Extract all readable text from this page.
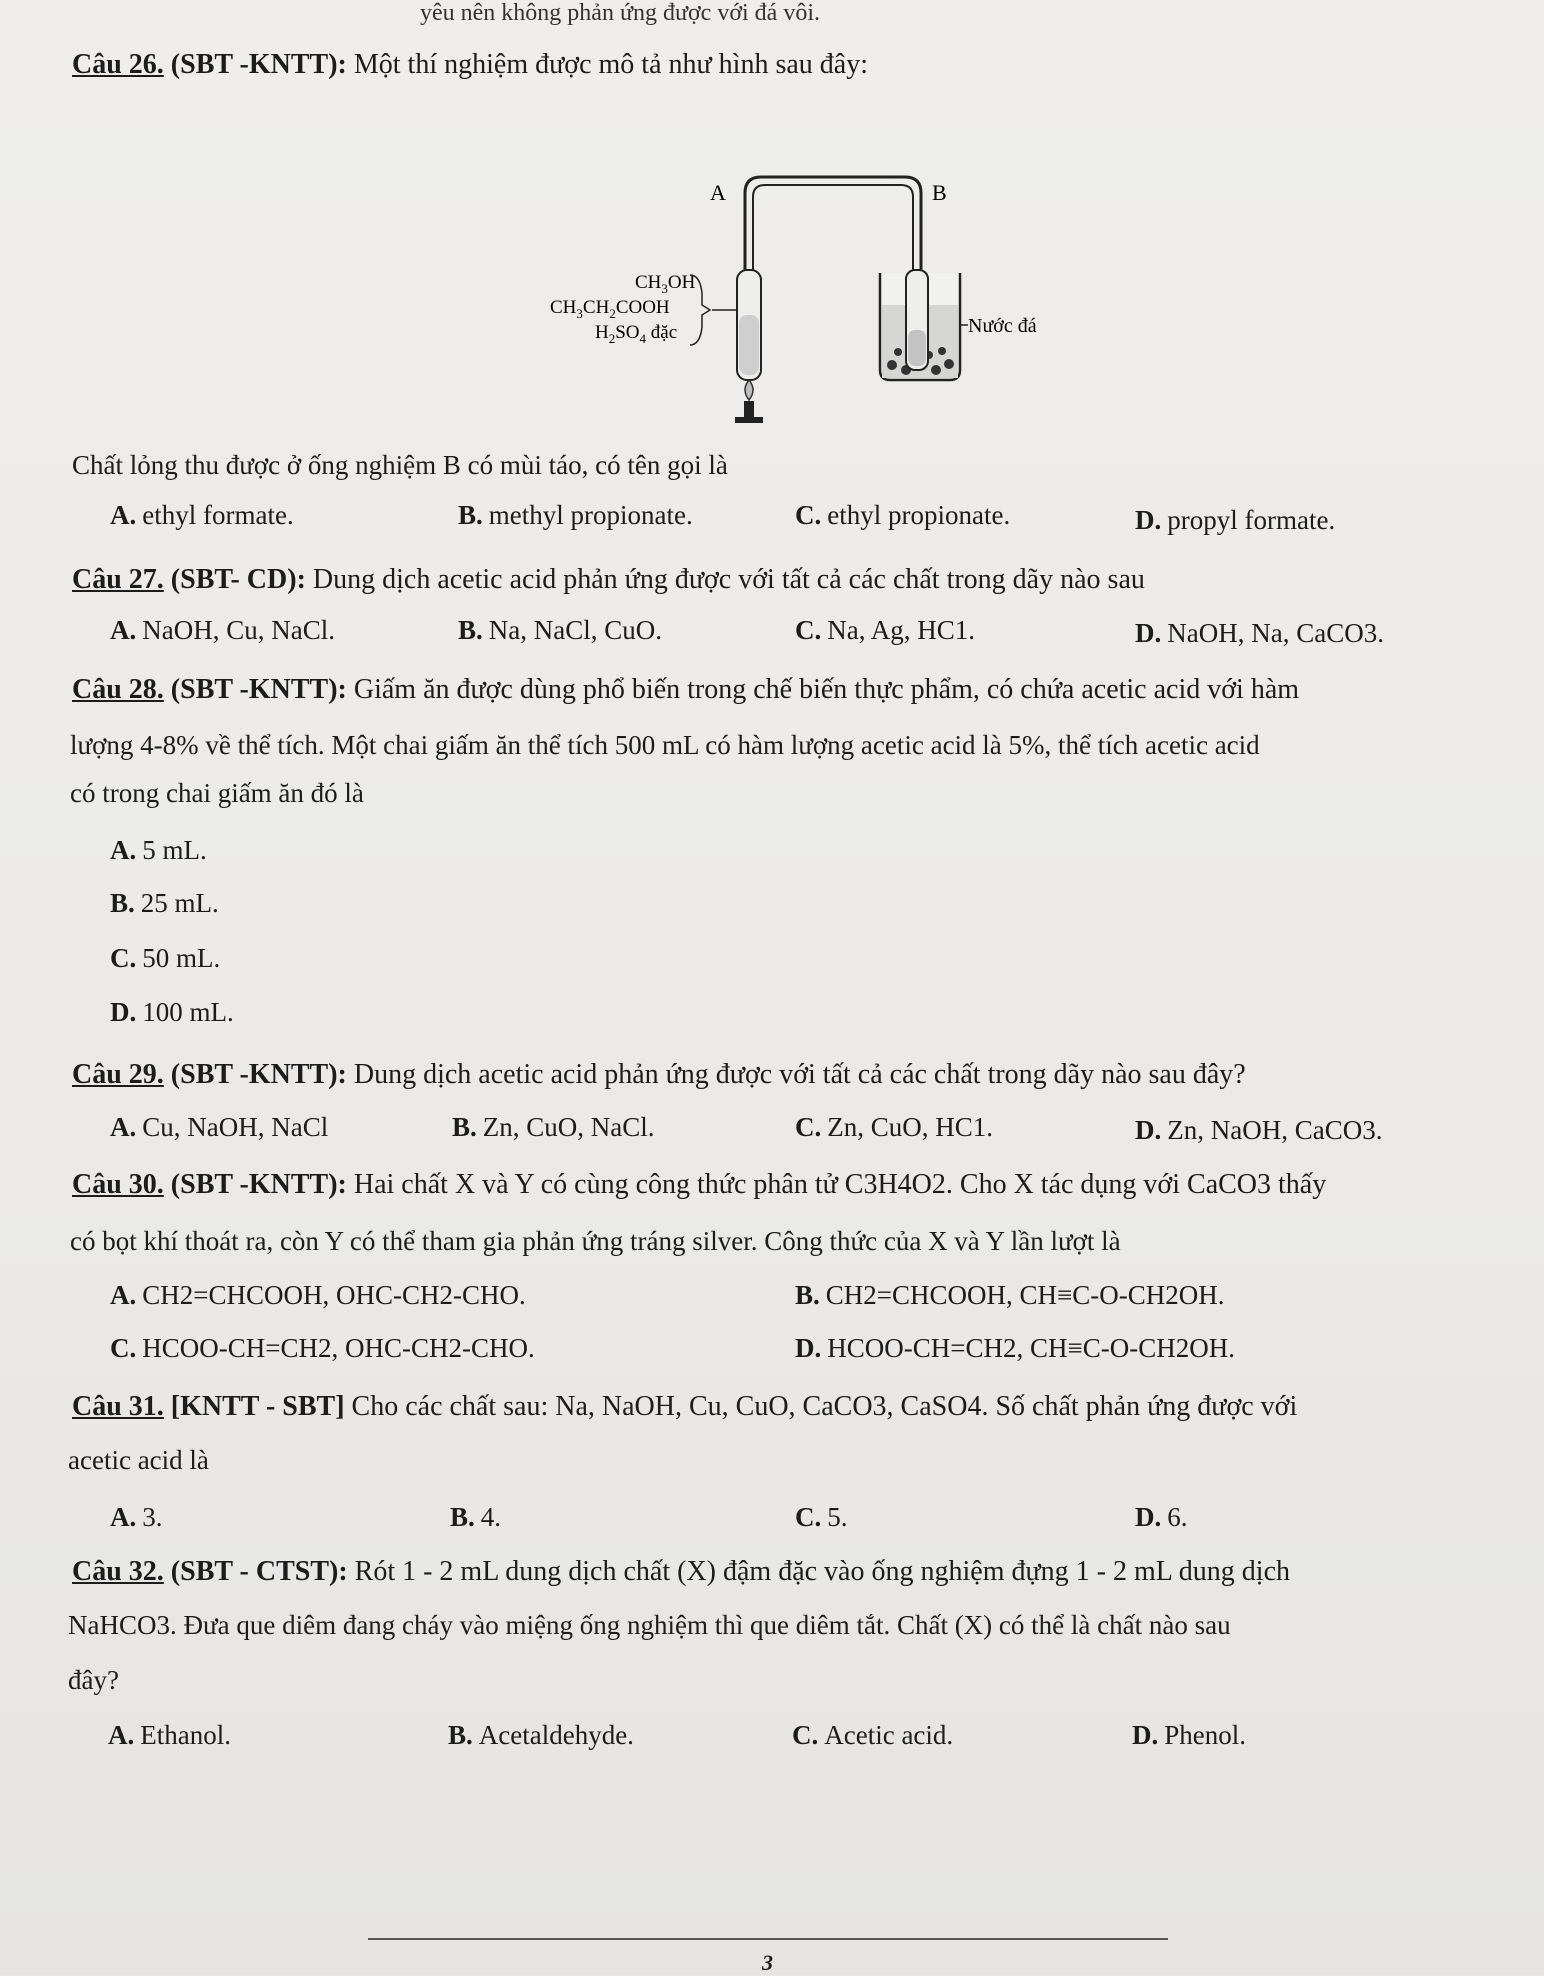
yêu nên không phản ứng được với đá vôi.
Câu 26. (SBT -KNTT): Một thí nghiệm được mô tả như hình sau đây:
A	B
$CH_3OH$
$CH_3CH_2COOH$
$H_2SO_4$ đặc	Nước đá
Chất lỏng thu được ở ống nghiệm B có mùi táo, có tên gọi là
A. ethyl formate.	B. methyl propionate.	C. ethyl propionate.	D. propyl formate.
Câu 27. (SBT- CD): Dung dịch acetic acid phản ứng được với tất cả các chất trong dãy nào sau
A. NaOH, Cu, NaCl.	B. Na, NaCl, CuO.	C. Na, Ag, HC1.	D. NaOH, Na, CaCO3.
Câu 28. (SBT -KNTT): Giấm ăn được dùng phổ biến trong chế biến thực phẩm, có chứa acetic acid với hàm
lượng 4-8% về thể tích. Một chai giấm ăn thể tích 500 mL có hàm lượng acetic acid là 5%, thể tích acetic acid
có trong chai giấm ăn đó là
A. 5 mL.
B. 25 mL.
C. 50 mL.
D. 100 mL.
Câu 29. (SBT -KNTT): Dung dịch acetic acid phản ứng được với tất cả các chất trong dãy nào sau đây?
A. Cu, NaOH, NaCl	B. Zn, CuO, NaCl.	C. Zn, CuO, HC1.	D. Zn, NaOH, CaCO3.
Câu 30. (SBT -KNTT): Hai chất X và Y có cùng công thức phân tử C3H4O2. Cho X tác dụng với CaCO3 thấy
có bọt khí thoát ra, còn Y có thể tham gia phản ứng tráng silver. Công thức của X và Y lần lượt là
A. CH2=CHCOOH, OHC-CH2-CHO.	B. CH2=CHCOOH, CH≡C-O-CH2OH.
C. HCOO-CH=CH2, OHC-CH2-CHO.	D. HCOO-CH=CH2, CH≡C-O-CH2OH.
Câu 31. [KNTT - SBT] Cho các chất sau: Na, NaOH, Cu, CuO, CaCO3, CaSO4. Số chất phản ứng được với
acetic acid là
A. 3.	B. 4.	C. 5.	D. 6.
Câu 32. (SBT - CTST): Rót 1 - 2 mL dung dịch chất (X) đậm đặc vào ống nghiệm đựng 1 - 2 mL dung dịch
NaHCO3. Đưa que diêm đang cháy vào miệng ống nghiệm thì que diêm tắt. Chất (X) có thể là chất nào sau
đây?
A. Ethanol.	B. Acetaldehyde.	C. Acetic acid.	D. Phenol.
3
